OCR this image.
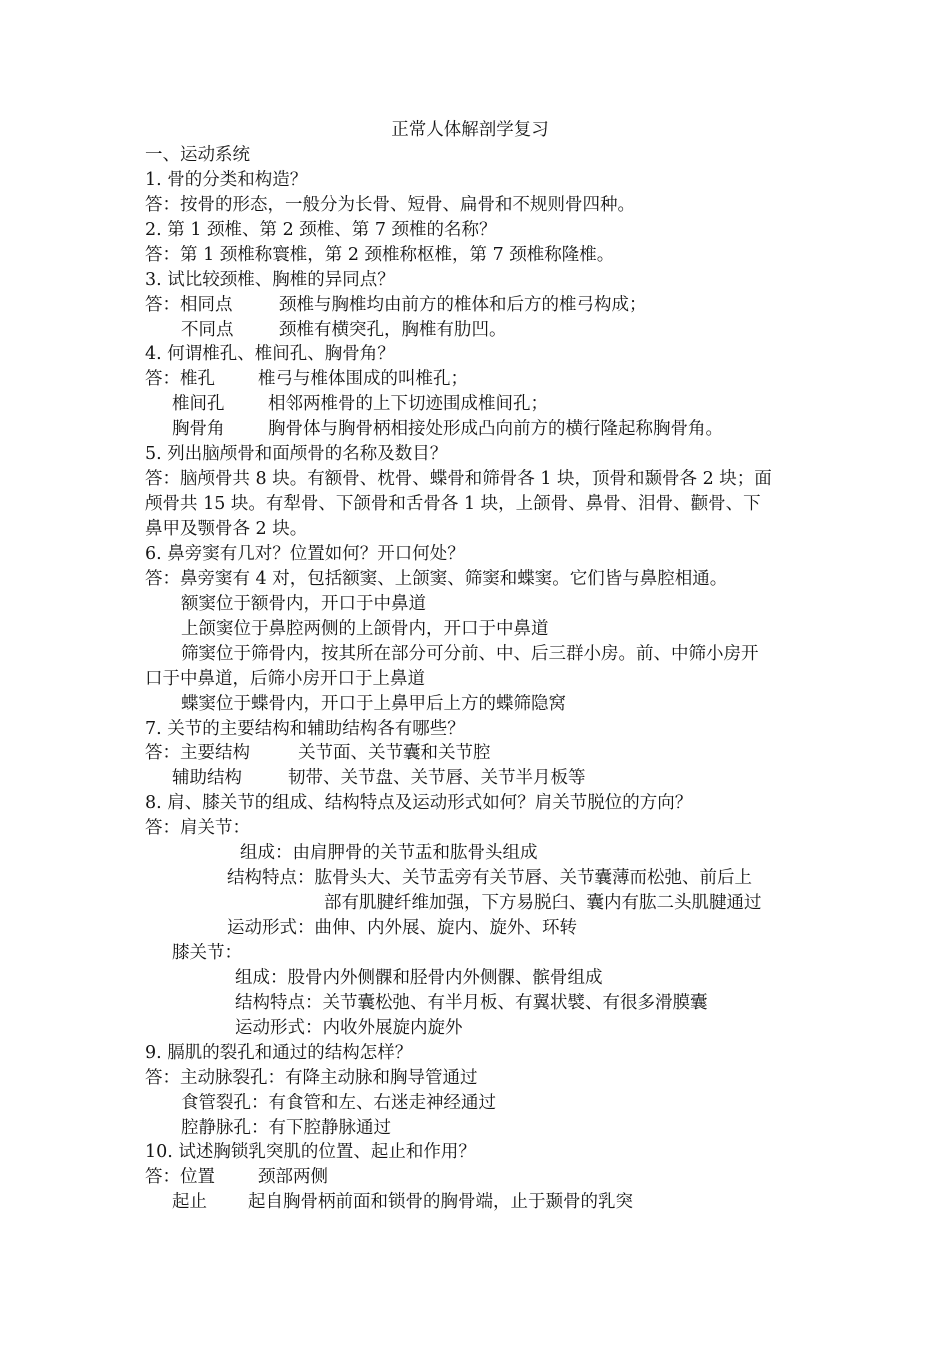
正常人体解剖学复习
一、运动系统
1. 骨的分类和构造？
答：按骨的形态，一般分为长骨、短骨、扁骨和不规则骨四种。
2. 第 1 颈椎、第 2 颈椎、第 7 颈椎的名称？
答：第 1 颈椎称寰椎，第 2 颈椎称枢椎，第 7 颈椎称隆椎。
3. 试比较颈椎、胸椎的异同点？
答：相同点	颈椎与胸椎均由前方的椎体和后方的椎弓构成；
不同点	颈椎有横突孔，胸椎有肋凹。
4. 何谓椎孔、椎间孔、胸骨角？
答：椎孔 椎弓与椎体围成的叫椎孔；
椎间孔 相邻两椎骨的上下切迹围成椎间孔；
胸骨角 胸骨体与胸骨柄相接处形成凸向前方的横行隆起称胸骨角。
5. 列出脑颅骨和面颅骨的名称及数目？
答：脑颅骨共 8 块。有额骨、枕骨、蝶骨和筛骨各 1 块，顶骨和颞骨各 2 块；面
颅骨共 15 块。有犁骨、下颌骨和舌骨各 1 块，上颌骨、鼻骨、泪骨、颧骨、下
鼻甲及颚骨各 2 块。
6. 鼻旁窦有几对？位置如何？开口何处？
答：鼻旁窦有 4 对，包括额窦、上颌窦、筛窦和蝶窦。它们皆与鼻腔相通。
额窦位于额骨内，开口于中鼻道
上颌窦位于鼻腔两侧的上颌骨内，开口于中鼻道
筛窦位于筛骨内，按其所在部分可分前、中、后三群小房。前、中筛小房开
口于中鼻道，后筛小房开口于上鼻道
蝶窦位于蝶骨内，开口于上鼻甲后上方的蝶筛隐窝
7. 关节的主要结构和辅助结构各有哪些？
答：主要结构	关节面、关节囊和关节腔
辅助结构	韧带、关节盘、关节唇、关节半月板等
8. 肩、膝关节的组成、结构特点及运动形式如何？肩关节脱位的方向？
答：肩关节：
组成：由肩胛骨的关节盂和肱骨头组成
结构特点：肱骨头大、关节盂旁有关节唇、关节囊薄而松弛、前后上
部有肌腱纤维加强，下方易脱臼、囊内有肱二头肌腱通过
运动形式：曲伸、内外展、旋内、旋外、环转
膝关节：
组成：股骨内外侧髁和胫骨内外侧髁、髌骨组成
结构特点：关节囊松弛、有半月板、有翼状襞、有很多滑膜囊
运动形式：内收外展旋内旋外
9. 膈肌的裂孔和通过的结构怎样？
答：主动脉裂孔：有降主动脉和胸导管通过
食管裂孔：有食管和左、右迷走神经通过
腔静脉孔：有下腔静脉通过
10. 试述胸锁乳突肌的位置、起止和作用？
答：位置 颈部两侧
起止 起自胸骨柄前面和锁骨的胸骨端，止于颞骨的乳突
